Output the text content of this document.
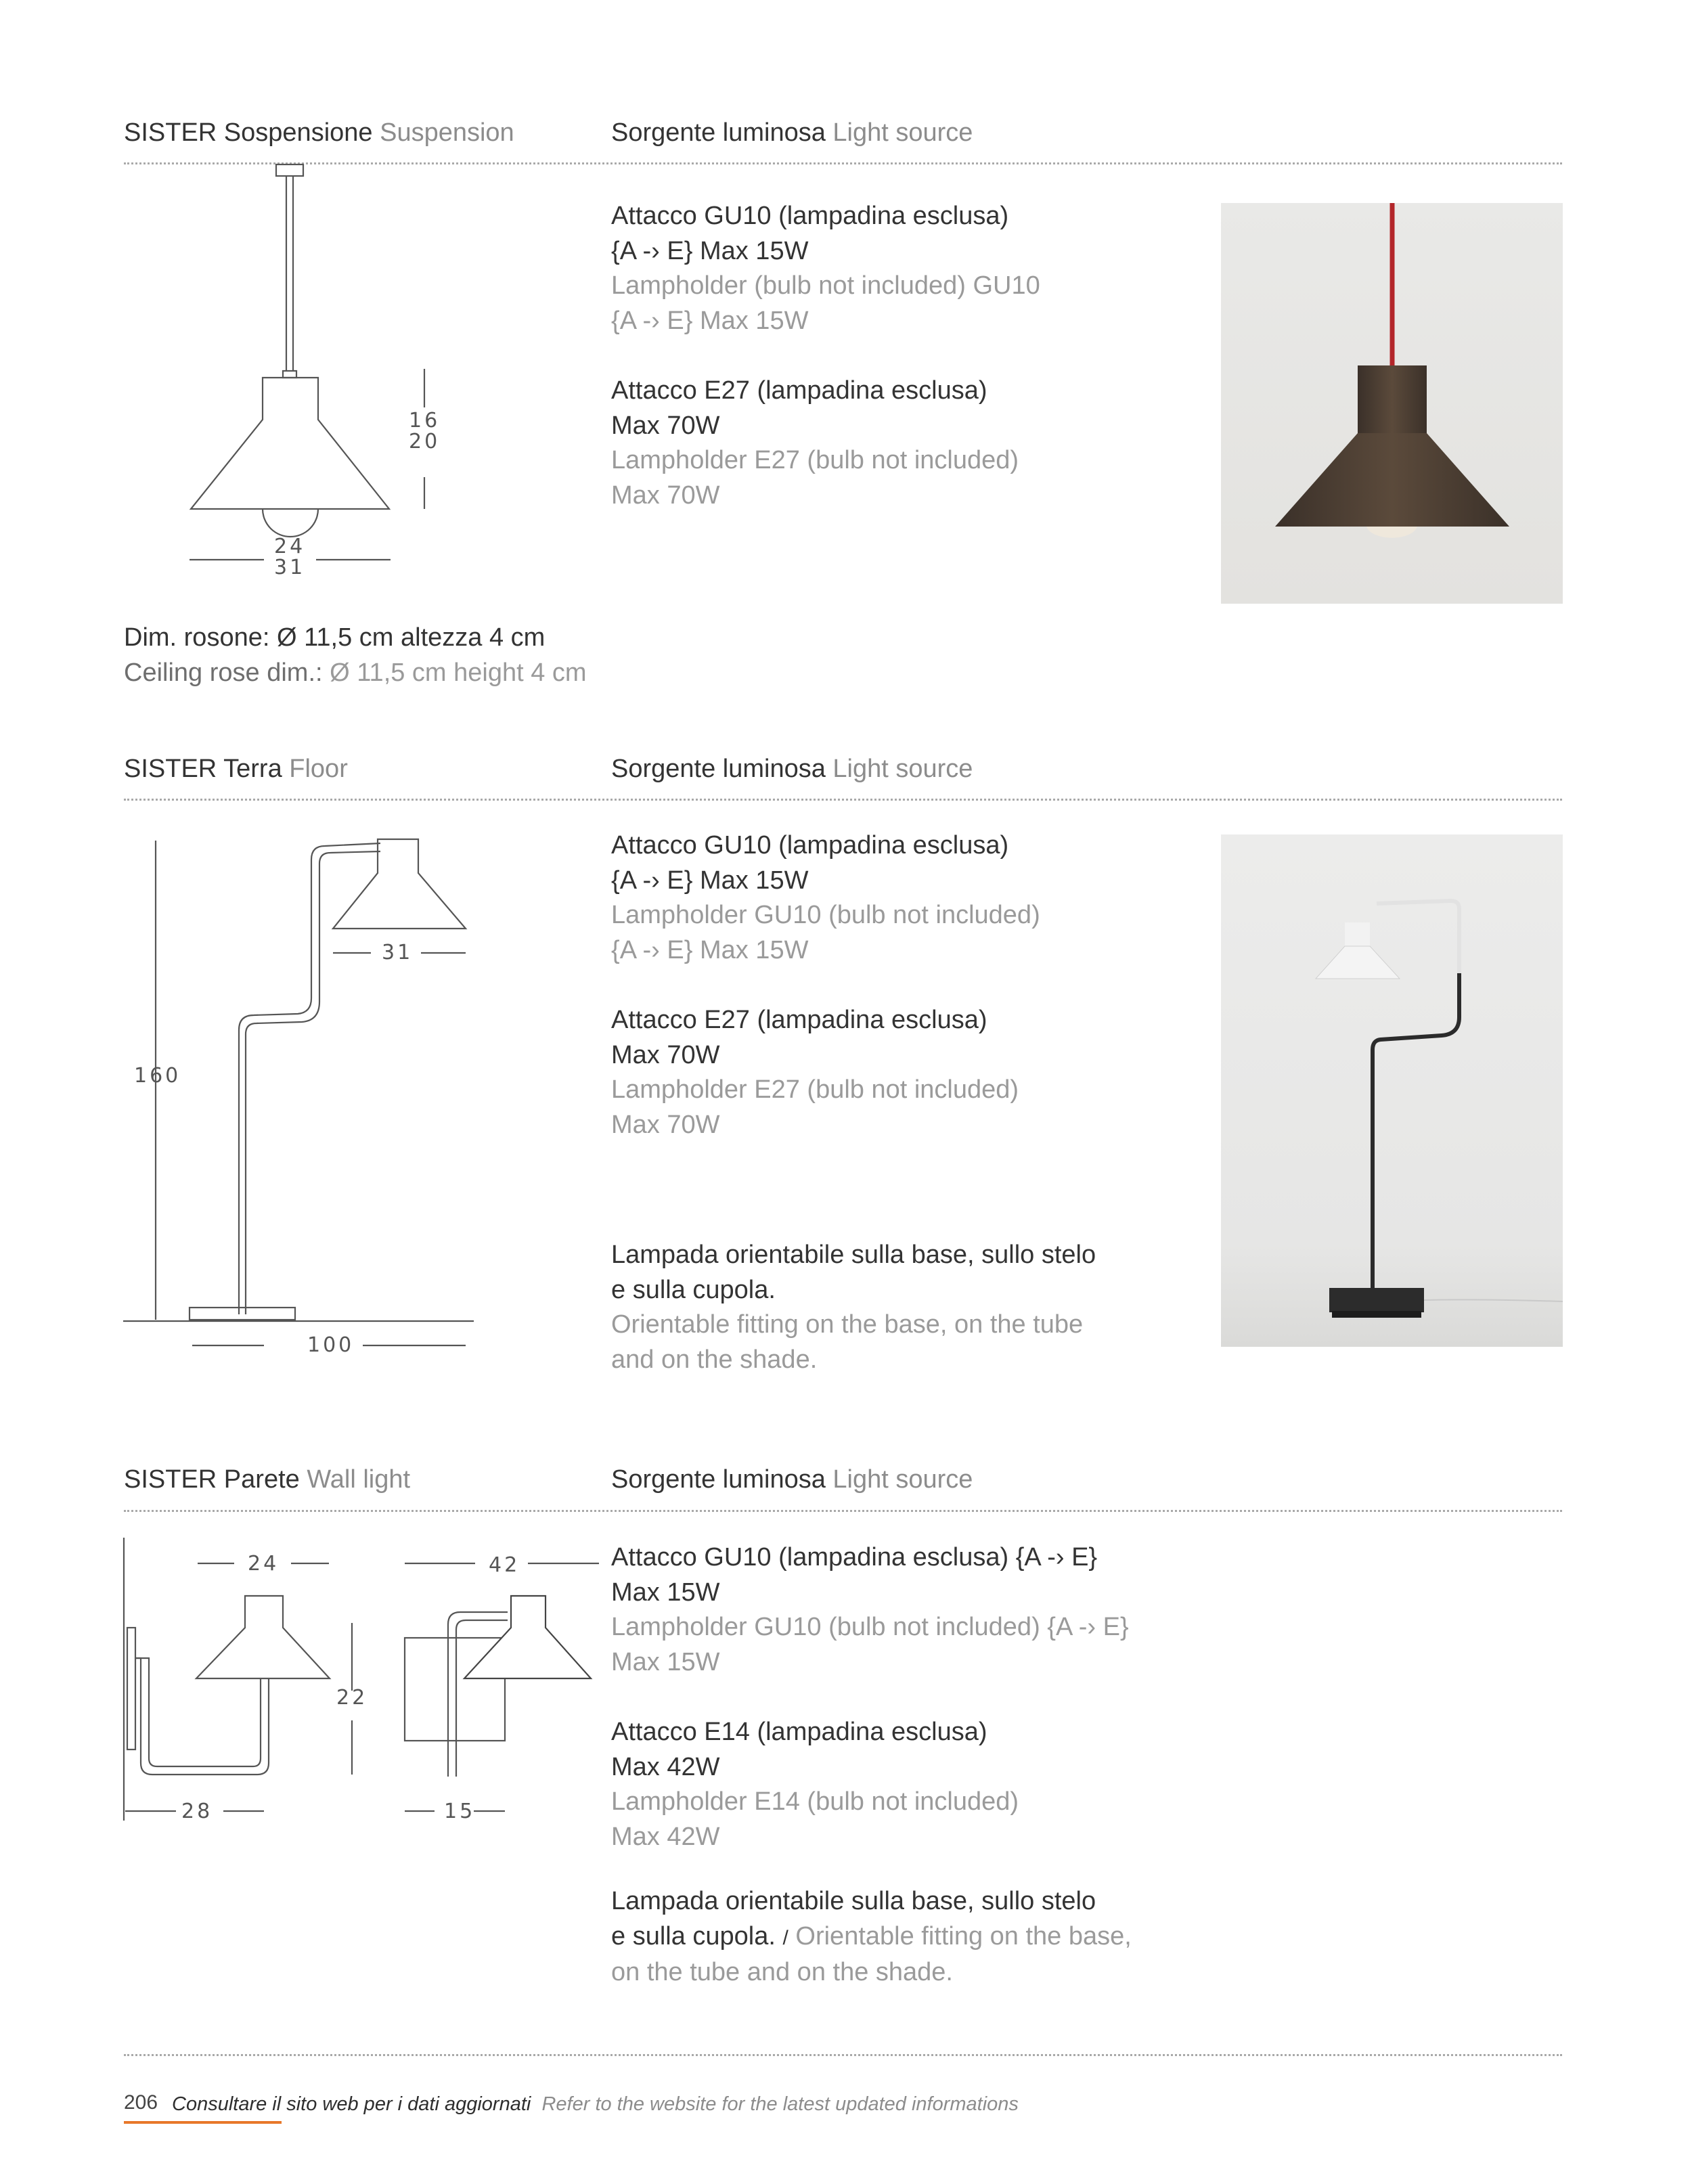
SISTER Sospensione Suspension	Sorgente luminosa Light source
16
20
24
31
Dim. rosone: Ø 11,5 cm altezza 4 cm
Ceiling rose dim.: Ø 11,5 cm height 4 cm
Attacco GU10 (lampadina esclusa)
{A -› E} Max 15W
Lampholder (bulb not included) GU10
{A -› E} Max 15W
Attacco E27 (lampadina esclusa)
Max 70W
Lampholder E27 (bulb not included)
Max 70W
SISTER Terra Floor	Sorgente luminosa Light source
31
160
100
Attacco GU10 (lampadina esclusa)
{A -› E} Max 15W
Lampholder GU10 (bulb not included)
{A -› E} Max 15W
Attacco E27 (lampadina esclusa)
Max 70W
Lampholder E27 (bulb not included)
Max 70W
Lampada orientabile sulla base, sullo stelo
e sulla cupola.
Orientable fitting on the base, on the tube
and on the shade.
SISTER Parete Wall light	Sorgente luminosa Light source
24	42
22
28	15
Attacco GU10 (lampadina esclusa) {A -› E}
Max 15W
Lampholder GU10 (bulb not included) {A -› E}
Max 15W
Attacco E14 (lampadina esclusa)
Max 42W
Lampholder E14 (bulb not included)
Max 42W
Lampada orientabile sulla base, sullo stelo
e sulla cupola. / Orientable fitting on the base,
on the tube and on the shade.
206 Consultare il sito web per i dati aggiornati Refer to the website for the latest updated informations
